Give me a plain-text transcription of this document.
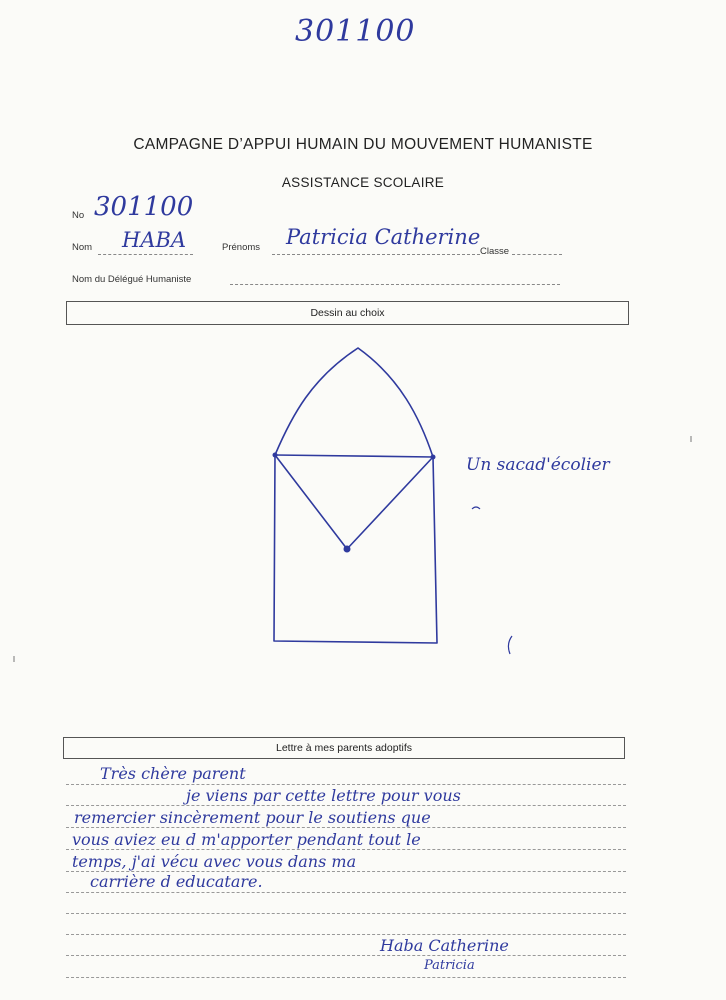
301100
CAMPAGNE D’APPUI HUMAIN DU MOUVEMENT HUMANISTE
ASSISTANCE SCOLAIRE
No 301100
Nom HABA	Prénoms Patricia Catherine
Classe
Nom du Délégué Humaniste
Dessin au choix
Un sacad'écolier
Lettre à mes parents adoptifs
Très chère parent
je viens par cette lettre pour vous
remercier sincèrement pour le soutiens que
vous aviez eu d m'apporter pendant tout le
temps, j'ai vécu avec vous dans ma
carrière d educatare.
Haba Catherine
Patricia
